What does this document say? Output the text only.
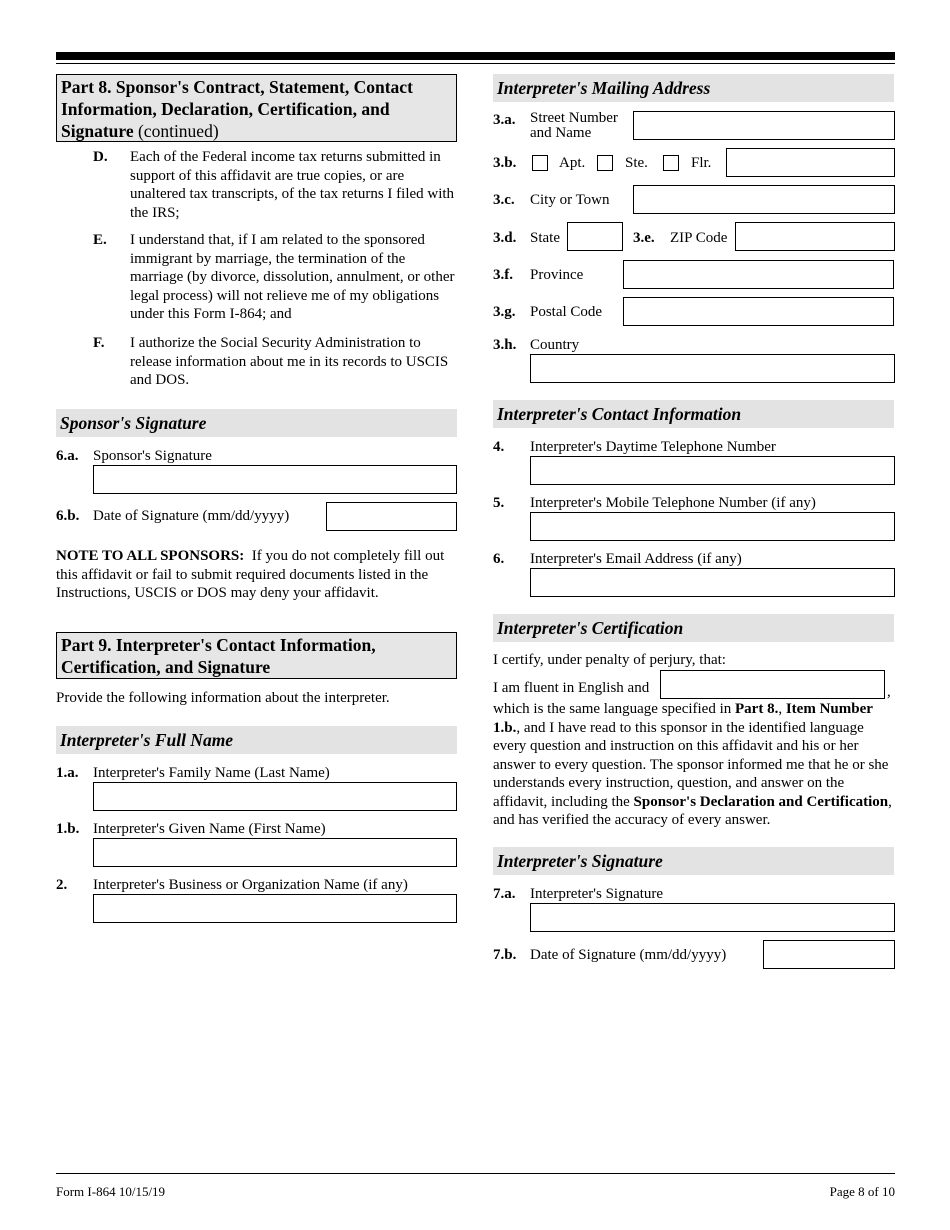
Part 8. Sponsor's Contract, Statement, Contact Information, Declaration, Certification, and Signature (continued)
D. Each of the Federal income tax returns submitted in support of this affidavit are true copies, or are unaltered tax transcripts, of the tax returns I filed with the IRS;
E. I understand that, if I am related to the sponsored immigrant by marriage, the termination of the marriage (by divorce, dissolution, annulment, or other legal process) will not relieve me of my obligations under this Form I-864; and
F. I authorize the Social Security Administration to release information about me in its records to USCIS and DOS.
Sponsor's Signature
6.a. Sponsor's Signature
6.b. Date of Signature (mm/dd/yyyy)
NOTE TO ALL SPONSORS: If you do not completely fill out this affidavit or fail to submit required documents listed in the Instructions, USCIS or DOS may deny your affidavit.
Part 9. Interpreter's Contact Information, Certification, and Signature
Provide the following information about the interpreter.
Interpreter's Full Name
1.a. Interpreter's Family Name (Last Name)
1.b. Interpreter's Given Name (First Name)
2. Interpreter's Business or Organization Name (if any)
Interpreter's Mailing Address
3.a. Street Number and Name
3.b.	Apt.	Ste.	Flr.
3.c. City or Town
3.d. State	3.e. ZIP Code
3.f. Province
3.g. Postal Code
3.h. Country
Interpreter's Contact Information
4. Interpreter's Daytime Telephone Number
5. Interpreter's Mobile Telephone Number (if any)
6. Interpreter's Email Address (if any)
Interpreter's Certification
I certify, under penalty of perjury, that:
I am fluent in English and	,
which is the same language specified in Part 8., Item Number 1.b., and I have read to this sponsor in the identified language every question and instruction on this affidavit and his or her answer to every question. The sponsor informed me that he or she understands every instruction, question, and answer on the affidavit, including the Sponsor's Declaration and Certification, and has verified the accuracy of every answer.
Interpreter's Signature
7.a. Interpreter's Signature
7.b. Date of Signature (mm/dd/yyyy)
Form I-864 10/15/19	Page 8 of 10
